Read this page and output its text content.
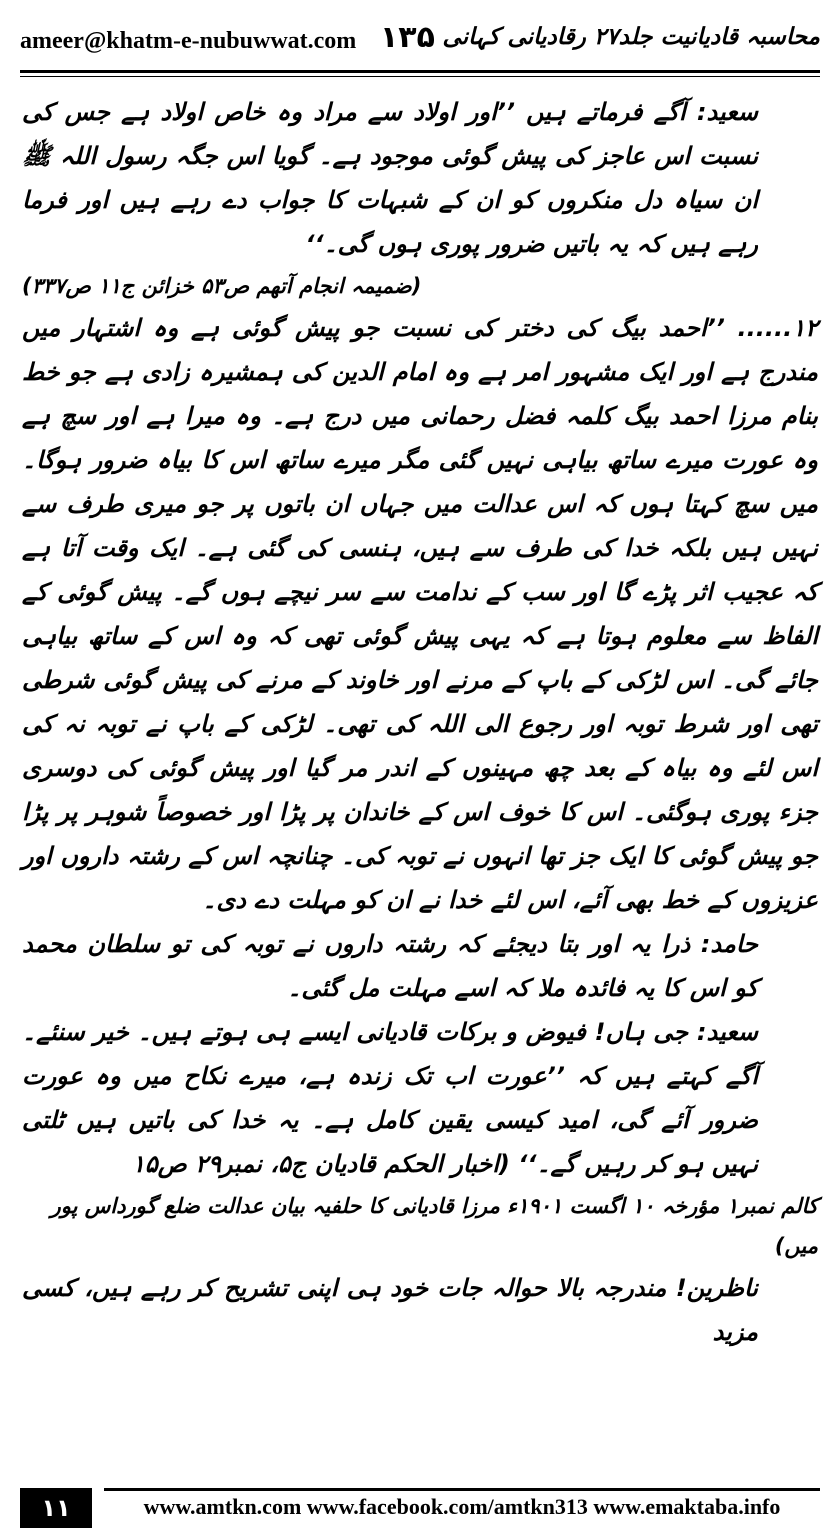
ameer@khatm-e-nubuwwat.com ۱۳۵ محاسبہ قادیانیت جلد۲۷ رقادیانی کہانی

سعید: آگے فرماتے ہیں ’’اور اولاد سے مراد وہ خاص اولاد ہے جس کی نسبت اس عاجز کی پیش گوئی موجود ہے۔ گویا اس جگہ رسول اللہ ﷺ ان سیاہ دل منکروں کو ان کے شبہات کا جواب دے رہے ہیں اور فرما رہے ہیں کہ یہ باتیں ضرور پوری ہوں گی۔‘‘

(ضمیمہ انجام آتھم ص۵۳ خزائن ج۱۱ ص۳۳۷)

۱۲...... ’’احمد بیگ کی دختر کی نسبت جو پیش گوئی ہے وہ اشتہار میں مندرج ہے اور ایک مشہور امر ہے وہ امام الدین کی ہمشیرہ زادی ہے جو خط بنام مرزا احمد بیگ کلمہ فضل رحمانی میں درج ہے۔ وہ میرا ہے اور سچ ہے وہ عورت میرے ساتھ بیاہی نہیں گئی مگر میرے ساتھ اس کا بیاہ ضرور ہوگا۔ میں سچ کہتا ہوں کہ اس عدالت میں جہاں ان باتوں پر جو میری طرف سے نہیں ہیں بلکہ خدا کی طرف سے ہیں، ہنسی کی گئی ہے۔ ایک وقت آتا ہے کہ عجیب اثر پڑے گا اور سب کے ندامت سے سر نیچے ہوں گے۔ پیش گوئی کے الفاظ سے معلوم ہوتا ہے کہ یہی پیش گوئی تھی کہ وہ اس کے ساتھ بیاہی جائے گی۔ اس لڑکی کے باپ کے مرنے اور خاوند کے مرنے کی پیش گوئی شرطی تھی اور شرط توبہ اور رجوع الی اللہ کی تھی۔ لڑکی کے باپ نے توبہ نہ کی اس لئے وہ بیاہ کے بعد چھ مہینوں کے اندر مر گیا اور پیش گوئی کی دوسری جزء پوری ہوگئی۔ اس کا خوف اس کے خاندان پر پڑا اور خصوصاً شوہر پر پڑا جو پیش گوئی کا ایک جز تھا انہوں نے توبہ کی۔ چنانچہ اس کے رشتہ داروں اور عزیزوں کے خط بھی آئے، اس لئے خدا نے ان کو مہلت دے دی۔

حامد: ذرا یہ اور بتا دیجئے کہ رشتہ داروں نے توبہ کی تو سلطان محمد کو اس کا یہ فائدہ ملا کہ اسے مہلت مل گئی۔

سعید: جی ہاں! فیوض و برکات قادیانی ایسے ہی ہوتے ہیں۔ خیر سنئے۔ آگے کہتے ہیں کہ ’’عورت اب تک زندہ ہے، میرے نکاح میں وہ عورت ضرور آئے گی، امید کیسی یقین کامل ہے۔ یہ خدا کی باتیں ہیں ٹلتی نہیں ہو کر رہیں گے۔‘‘ (اخبار الحکم قادیان ج۵، نمبر۲۹ ص۱۵

کالم نمبر۱ مؤرخہ ۱۰ اگست ۱۹۰۱ء مرزا قادیانی کا حلفیہ بیان عدالت ضلع گورداس پور میں)

ناظرین! مندرجہ بالا حوالہ جات خود ہی اپنی تشریح کر رہے ہیں، کسی مزید

۱۱	www.amtkn.com www.facebook.com/amtkn313 www.emaktaba.info
